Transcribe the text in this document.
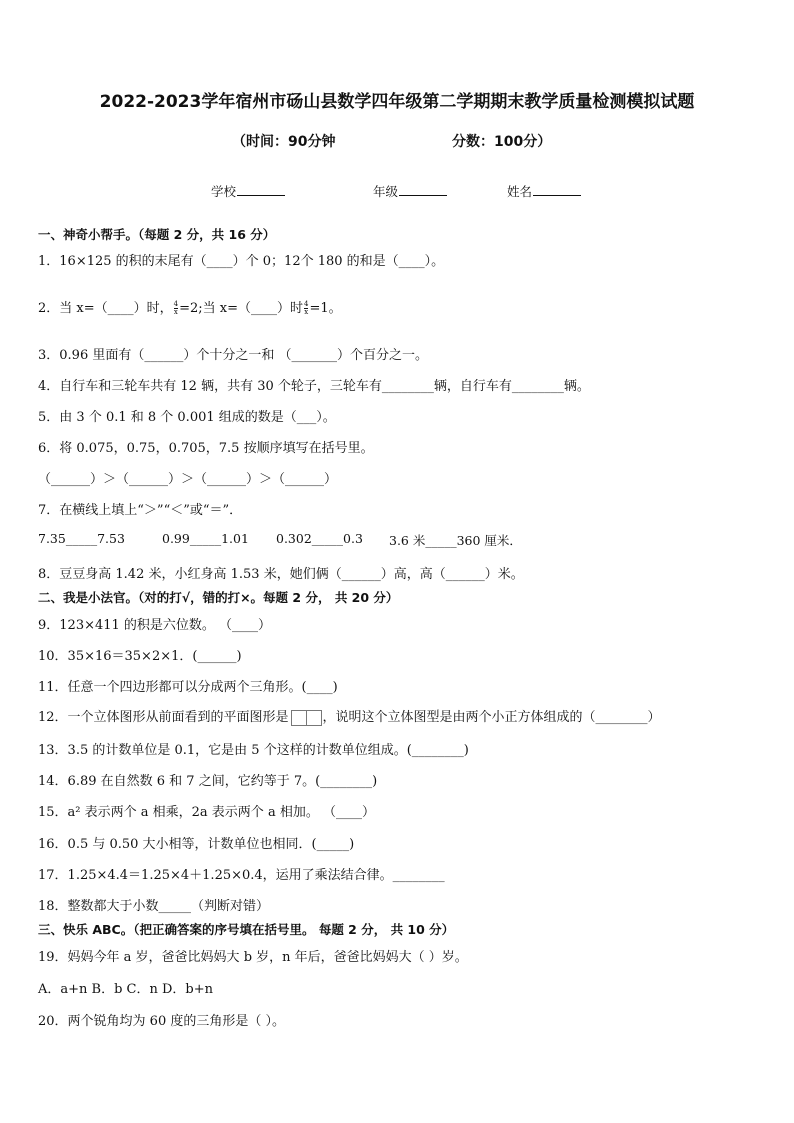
2022-2023学年宿州市砀山县数学四年级第二学期期末教学质量检测模拟试题
（时间：90分钟	分数：100分）
学校	年级	姓名
一、神奇小帮手。（每题 2 分，共 16 分）
1．16×125 的积的末尾有（____）个 0；12个 180 的和是（____）。
2．当 x=（____）时， $\frac{4}{x} =2$;当 x=（____）时 $\frac{4}{x} =1$。
3．0.96 里面有（______）个十分之一和 （_______）个百分之一。
4．自行车和三轮车共有 12 辆，共有 30 个轮子，三轮车有________辆，自行车有________辆。
5．由 3 个 0.1 和 8 个 0.001 组成的数是（___）。
6．将 0.075，0.75，0.705，7.5 按顺序填写在括号里。
（______）＞（______）＞（______）＞（______）
7．在横线上填上“＞”“＜”或“＝”．
7.35_____7.53	0.99_____1.01 0.302_____0.3 3.6 米_____360 厘米．
8．豆豆身高 1.42 米，小红身高 1.53 米，她们俩（______）高，高（______）米。
二、我是小法官。（对的打√，错的打×。每题 2 分， 共 20 分）
9．123×411 的积是六位数。 （____）
10．35×16＝35×2×1．(______)
11．任意一个四边形都可以分成两个三角形。(____)
12．一个立体图形从前面看到的平面图形是	，说明这个立体图型是由两个小正方体组成的（________）
13．3.5 的计数单位是 0.1，它是由 5 个这样的计数单位组成。(________)
14．6.89 在自然数 6 和 7 之间，它约等于 7。(________)
15．a² 表示两个 a 相乘，2a 表示两个 a 相加。 （____）
16．0.5 与 0.50 大小相等，计数单位也相同．(_____)
17．1.25×4.4＝1.25×4＋1.25×0.4，运用了乘法结合律。________
18．整数都大于小数_____（判断对错）
三、快乐 ABC。（把正确答案的序号填在括号里。 每题 2 分， 共 10 分）
19．妈妈今年 a 岁，爸爸比妈妈大 b 岁，n 年后，爸爸比妈妈大（ ）岁。
A．a+n B．b C．n D．b+n
20．两个锐角均为 60 度的三角形是（ ）。
